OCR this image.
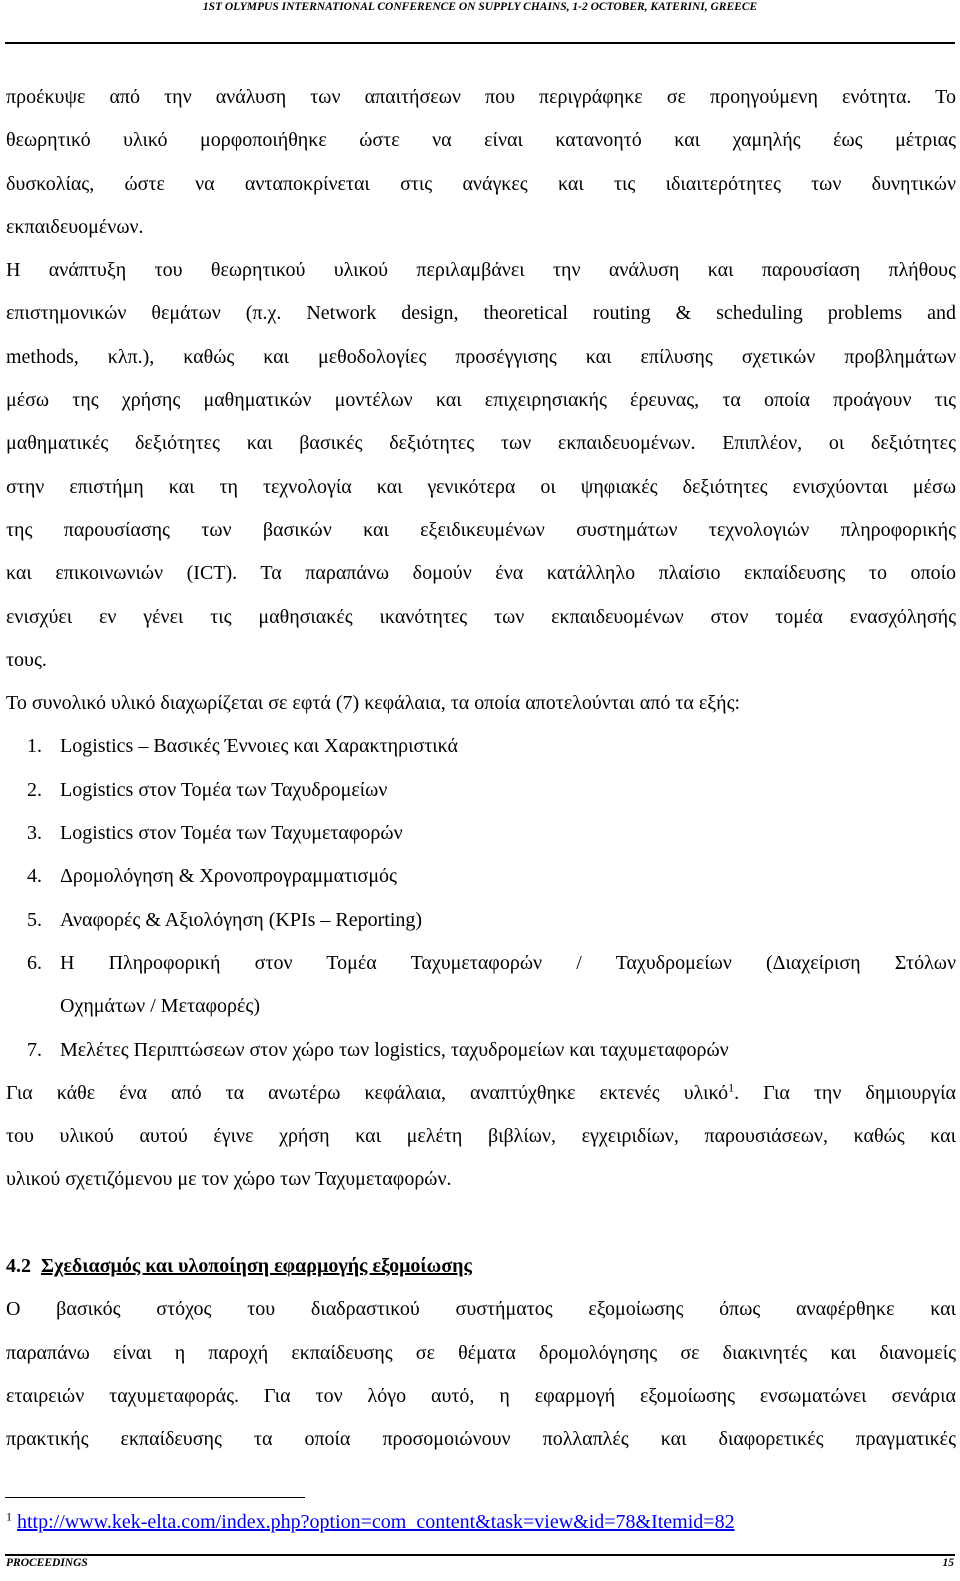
1ST OLYMPUS INTERNATIONAL CONFERENCE ON SUPPLY CHAINS, 1-2 OCTOBER, KATERINI, GREECE
προέκυψε από την ανάλυση των απαιτήσεων που περιγράφηκε σε προηγούμενη ενότητα. Το
θεωρητικό υλικό μορφοποιήθηκε ώστε να είναι κατανοητό και χαμηλής έως μέτριας
δυσκολίας, ώστε να ανταποκρίνεται στις ανάγκες και τις ιδιαιτερότητες των δυνητικών
εκπαιδευομένων.
Η ανάπτυξη του θεωρητικού υλικού περιλαμβάνει την ανάλυση και παρουσίαση πλήθους
επιστημονικών θεμάτων (π.χ. Network design, theoretical routing & scheduling problems and
methods, κλπ.), καθώς και μεθοδολογίες προσέγγισης και επίλυσης σχετικών προβλημάτων
μέσω της χρήσης μαθηματικών μοντέλων και επιχειρησιακής έρευνας, τα οποία προάγουν τις
μαθηματικές δεξιότητες και βασικές δεξιότητες των εκπαιδευομένων. Επιπλέον, οι δεξιότητες
στην επιστήμη και τη τεχνολογία και γενικότερα οι ψηφιακές δεξιότητες ενισχύονται μέσω
της παρουσίασης των βασικών και εξειδικευμένων συστημάτων τεχνολογιών πληροφορικής
και επικοινωνιών (ICT). Τα παραπάνω δομούν ένα κατάλληλο πλαίσιο εκπαίδευσης το οποίο
ενισχύει εν γένει τις μαθησιακές ικανότητες των εκπαιδευομένων στον τομέα ενασχόλησής
τους.
Το συνολικό υλικό διαχωρίζεται σε εφτά (7) κεφάλαια, τα οποία αποτελούνται από τα εξής:
1. Logistics – Βασικές Έννοιες και Χαρακτηριστικά
2. Logistics στον Τομέα των Ταχυδρομείων
3. Logistics στον Τομέα των Ταχυμεταφορών
4. Δρομολόγηση & Χρονοπρογραμματισμός
5. Αναφορές & Αξιολόγηση (KPIs – Reporting)
6. Η Πληροφορική στον Τομέα Ταχυμεταφορών / Ταχυδρομείων (Διαχείριση Στόλων
Οχημάτων / Μεταφορές)
7. Μελέτες Περιπτώσεων στον χώρο των logistics, ταχυδρομείων και ταχυμεταφορών
Για κάθε ένα από τα ανωτέρω κεφάλαια, αναπτύχθηκε εκτενές υλικό$^1$. Για την δημιουργία
του υλικού αυτού έγινε χρήση και μελέτη βιβλίων, εγχειριδίων, παρουσιάσεων, καθώς και
υλικού σχετιζόμενου με τον χώρο των Ταχυμεταφορών.
4.2 Σχεδιασμός και υλοποίηση εφαρμογής εξομοίωσης
Ο βασικός στόχος του διαδραστικού συστήματος εξομοίωσης όπως αναφέρθηκε και
παραπάνω είναι η παροχή εκπαίδευσης σε θέματα δρομολόγησης σε διακινητές και διανομείς
εταιρειών ταχυμεταφοράς. Για τον λόγο αυτό, η εφαρμογή εξομοίωσης ενσωματώνει σενάρια
πρακτικής εκπαίδευσης τα οποία προσομοιώνουν πολλαπλές και διαφορετικές πραγματικές
$^1$ http://www.kek-elta.com/index.php?option=com_content&task=view&id=78&Itemid=82
PROCEEDINGS	15
